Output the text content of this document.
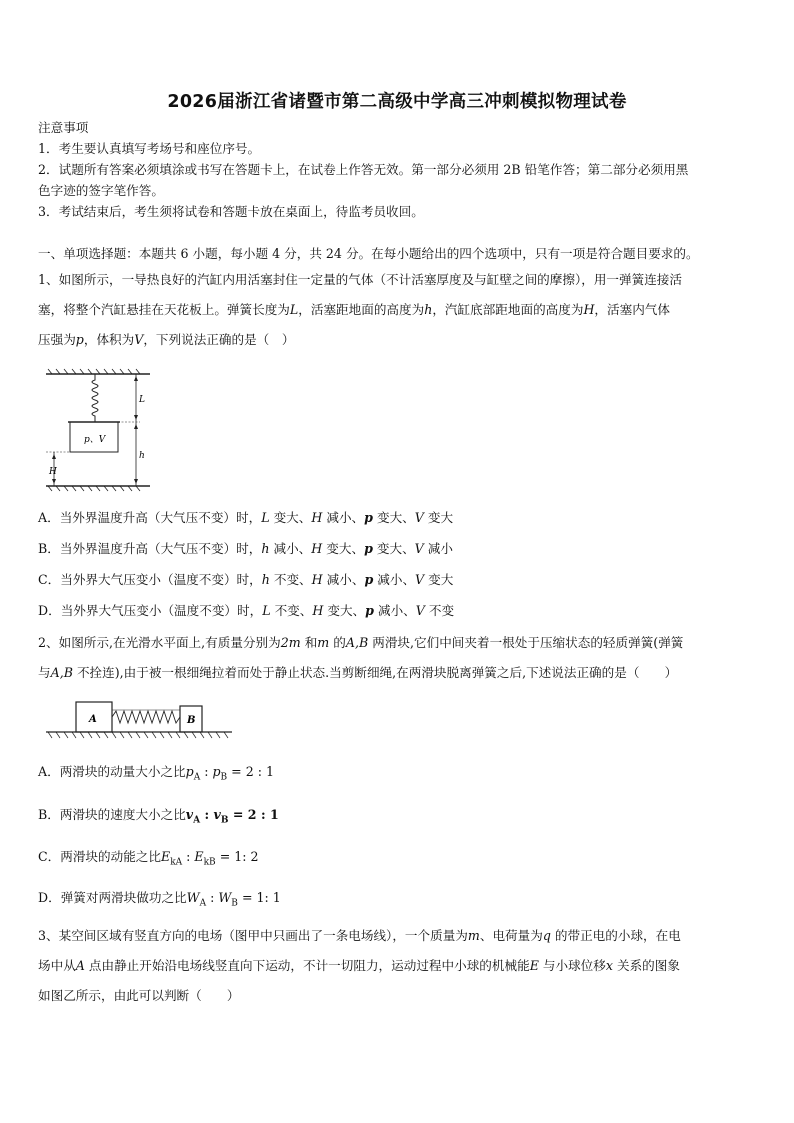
2026届浙江省诸暨市第二高级中学高三冲刺模拟物理试卷
注意事项
1．考生要认真填写考场号和座位序号。
2．试题所有答案必须填涂或书写在答题卡上，在试卷上作答无效。第一部分必须用 2B 铅笔作答；第二部分必须用黑
色字迹的签字笔作答。
3．考试结束后，考生须将试卷和答题卡放在桌面上，待监考员收回。
一、单项选择题：本题共 6 小题，每小题 4 分，共 24 分。在每小题给出的四个选项中，只有一项是符合题目要求的。
1、如图所示，一导热良好的汽缸内用活塞封住一定量的气体（不计活塞厚度及与缸壁之间的摩擦），用一弹簧连接活
塞，将整个汽缸悬挂在天花板上。弹簧长度为L，活塞距地面的高度为h，汽缸底部距地面的高度为H，活塞内气体
压强为p，体积为V，下列说法正确的是（　）
p、V
L
h
H
A．当外界温度升高（大气压不变）时，L 变大、H 减小、p 变大、V 变大
B．当外界温度升高（大气压不变）时，h 减小、H 变大、p 变大、V 减小
C．当外界大气压变小（温度不变）时，h 不变、H 减小、p 减小、V 变大
D．当外界大气压变小（温度不变）时，L 不变、H 变大、p 减小、V 不变
2、如图所示,在光滑水平面上,有质量分别为2m 和m 的A,B 两滑块,它们中间夹着一根处于压缩状态的轻质弹簧(弹簧
与A,B 不拴连),由于被一根细绳拉着而处于静止状态.当剪断细绳,在两滑块脱离弹簧之后,下述说法正确的是（　　）
A	B
A．两滑块的动量大小之比$p_A$ : $p_B = 2$ : 1
B．两滑块的速度大小之比$v_A$ : $v_B = 2$ : 1
C．两滑块的动能之比$E_{kA}$ : $E_{kB} = 1$: 2
D．弹簧对两滑块做功之比$W_A$ : $W_B = 1$: 1
3、某空间区域有竖直方向的电场（图甲中只画出了一条电场线），一个质量为m、电荷量为q 的带正电的小球，在电
场中从A 点由静止开始沿电场线竖直向下运动，不计一切阻力，运动过程中小球的机械能E 与小球位移x 关系的图象
如图乙所示，由此可以判断（　　）
